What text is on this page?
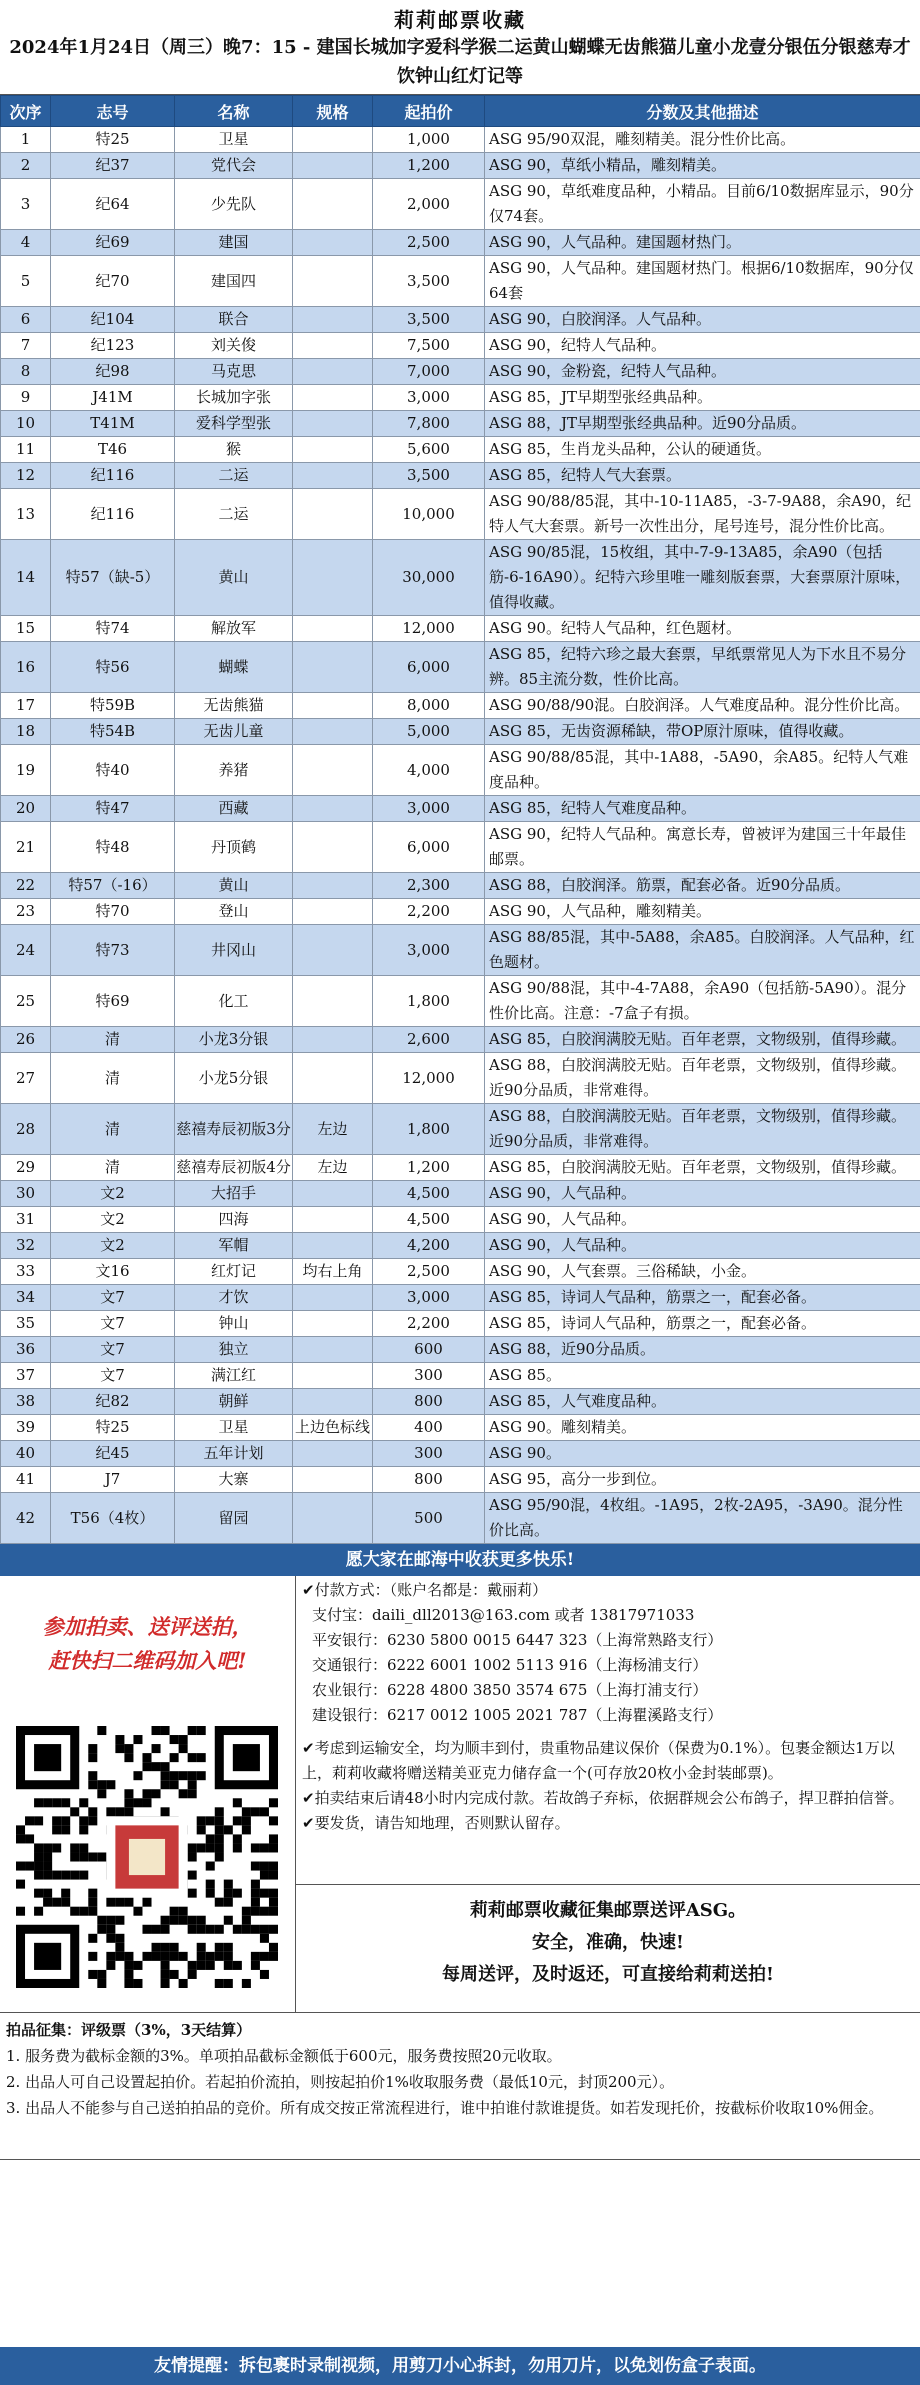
莉莉邮票收藏
2024年1月24日（周三）晚7：15 - 建国长城加字爱科学猴二运黄山蝴蝶无齿熊猫儿童小龙壹分银伍分银慈寿才饮钟山红灯记等
次序	志号	名称	规格	起拍价	分数及其他描述
1	特25	卫星		1,000	ASG 95/90双混，雕刻精美。混分性价比高。
2	纪37	党代会		1,200	ASG 90，草纸小精品，雕刻精美。
3	纪64	少先队		2,000	ASG 90，草纸难度品种，小精品。目前6/10数据库显示，90分仅74套。
4	纪69	建国		2,500	ASG 90，人气品种。建国题材热门。
5	纪70	建国四		3,500	ASG 90，人气品种。建国题材热门。根据6/10数据库，90分仅64套
6	纪104	联合		3,500	ASG 90，白胶润泽。人气品种。
7	纪123	刘关俊		7,500	ASG 90，纪特人气品种。
8	纪98	马克思		7,000	ASG 90，金粉瓷，纪特人气品种。
9	J41M	长城加字张		3,000	ASG 85，JT早期型张经典品种。
10	T41M	爱科学型张		7,800	ASG 88，JT早期型张经典品种。近90分品质。
11	T46	猴		5,600	ASG 85，生肖龙头品种，公认的硬通货。
12	纪116	二运		3,500	ASG 85，纪特人气大套票。
13	纪116	二运		10,000	ASG 90/88/85混，其中-10-11A85，-3-7-9A88，余A90，纪特人气大套票。新号一次性出分，尾号连号，混分性价比高。
14	特57（缺-5）	黄山		30,000	ASG 90/85混，15枚组，其中-7-9-13A85，余A90（包括筋-6-16A90）。纪特六珍里唯一雕刻版套票，大套票原汁原味，值得收藏。
15	特74	解放军		12,000	ASG 90。纪特人气品种，红色题材。
16	特56	蝴蝶		6,000	ASG 85，纪特六珍之最大套票，早纸票常见人为下水且不易分辨。85主流分数，性价比高。
17	特59B	无齿熊猫		8,000	ASG 90/88/90混。白胶润泽。人气难度品种。混分性价比高。
18	特54B	无齿儿童		5,000	ASG 85，无齿资源稀缺，带OP原汁原味，值得收藏。
19	特40	养猪		4,000	ASG 90/88/85混，其中-1A88，-5A90，余A85。纪特人气难度品种。
20	特47	西藏		3,000	ASG 85，纪特人气难度品种。
21	特48	丹顶鹤		6,000	ASG 90，纪特人气品种。寓意长寿，曾被评为建国三十年最佳邮票。
22	特57（-16）	黄山		2,300	ASG 88，白胶润泽。筋票，配套必备。近90分品质。
23	特70	登山		2,200	ASG 90，人气品种，雕刻精美。
24	特73	井冈山		3,000	ASG 88/85混，其中-5A88，余A85。白胶润泽。人气品种，红色题材。
25	特69	化工		1,800	ASG 90/88混，其中-4-7A88，余A90（包括筋-5A90）。混分性价比高。注意：-7盒子有损。
26	清	小龙3分银		2,600	ASG 85，白胶润满胶无贴。百年老票，文物级别，值得珍藏。
27	清	小龙5分银		12,000	ASG 88，白胶润满胶无贴。百年老票，文物级别，值得珍藏。近90分品质，非常难得。
28	清	慈禧寿辰初版3分	左边	1,800	ASG 88，白胶润满胶无贴。百年老票，文物级别，值得珍藏。近90分品质，非常难得。
29	清	慈禧寿辰初版4分	左边	1,200	ASG 85，白胶润满胶无贴。百年老票，文物级别，值得珍藏。
30	文2	大招手		4,500	ASG 90，人气品种。
31	文2	四海		4,500	ASG 90，人气品种。
32	文2	军帽		4,200	ASG 90，人气品种。
33	文16	红灯记	均右上角	2,500	ASG 90，人气套票。三俗稀缺，小金。
34	文7	才饮		3,000	ASG 85，诗词人气品种，筋票之一，配套必备。
35	文7	钟山		2,200	ASG 85，诗词人气品种，筋票之一，配套必备。
36	文7	独立		600	ASG 88，近90分品质。
37	文7	满江红		300	ASG 85。
38	纪82	朝鲜		800	ASG 85，人气难度品种。
39	特25	卫星	上边色标线	400	ASG 90。雕刻精美。
40	纪45	五年计划		300	ASG 90。
41	J7	大寨		800	ASG 95，高分一步到位。
42	T56（4枚）	留园		500	ASG 95/90混，4枚组。-1A95，2枚-2A95，-3A90。混分性价比高。
愿大家在邮海中收获更多快乐!
参加拍卖、送评送拍，
赶快扫二维码加入吧!
✔付款方式：（账户名都是：戴丽莉）
支付宝：daili_dll2013@163.com 或者 13817971033
平安银行：6230 5800 0015 6447 323（上海常熟路支行）
交通银行：6222 6001 1002 5113 916（上海杨浦支行）
农业银行：6228 4800 3850 3574 675（上海打浦支行）
建设银行：6217 0012 1005 2021 787（上海瞿溪路支行）
✔考虑到运输安全，均为顺丰到付，贵重物品建议保价（保费为0.1%）。包裹金额达1万以上，莉莉收藏将赠送精美亚克力储存盒一个(可存放20枚小金封装邮票)。
✔拍卖结束后请48小时内完成付款。若故鸽子弃标，依据群规会公布鸽子，捍卫群拍信誉。
✔要发货，请告知地理，否则默认留存。
莉莉邮票收藏征集邮票送评ASG。
安全，准确，快速!
每周送评，及时返还，可直接给莉莉送拍!
拍品征集：评级票（3%，3天结算）
1. 服务费为截标金额的3%。单项拍品截标金额低于600元，服务费按照20元收取。
2. 出品人可自己设置起拍价。若起拍价流拍，则按起拍价1%收取服务费（最低10元，封顶200元）。
3. 出品人不能参与自己送拍拍品的竞价。所有成交按正常流程进行，谁中拍谁付款谁提货。如若发现托价，按截标价收取10%佣金。
友情提醒：拆包裹时录制视频，用剪刀小心拆封，勿用刀片，以免划伤盒子表面。
